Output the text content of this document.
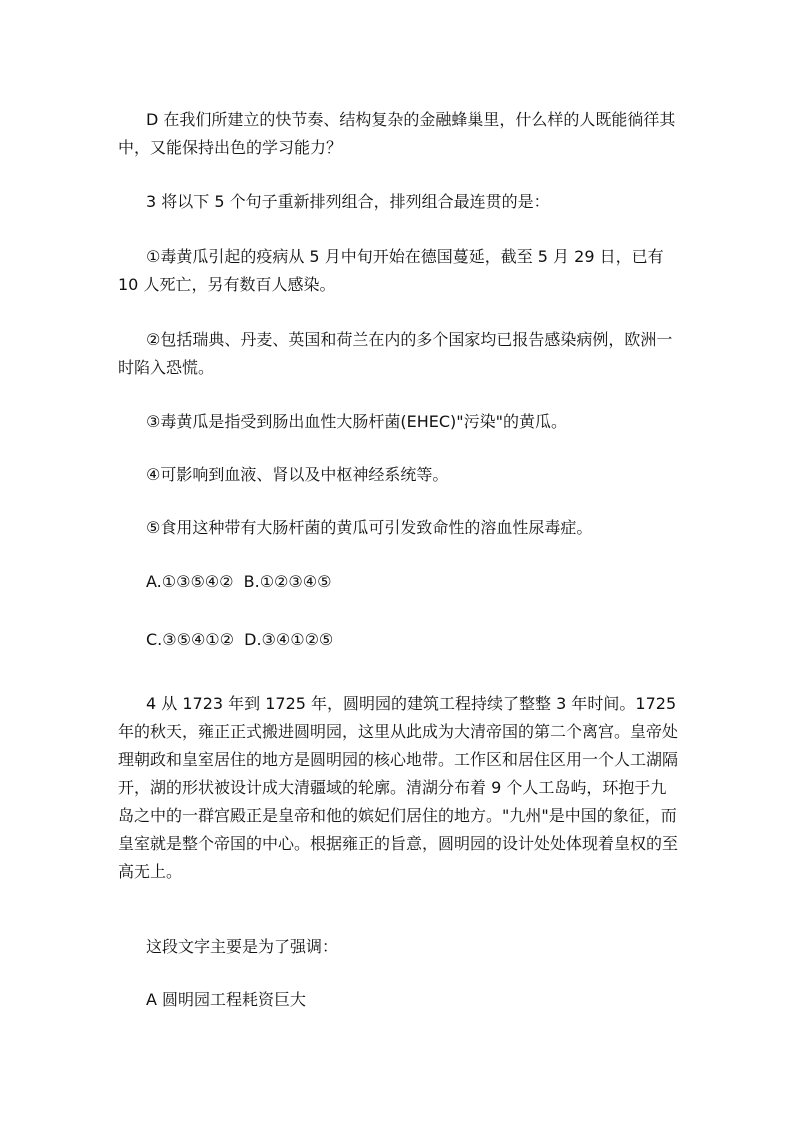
D 在我们所建立的快节奏、结构复杂的金融蜂巢里，什么样的人既能徜徉其中，又能保持出色的学习能力？

3 将以下 5 个句子重新排列组合，排列组合最连贯的是：

①毒黄瓜引起的疫病从 5 月中旬开始在德国蔓延，截至 5 月 29 日，已有 10 人死亡，另有数百人感染。

②包括瑞典、丹麦、英国和荷兰在内的多个国家均已报告感染病例，欧洲一时陷入恐慌。

③毒黄瓜是指受到肠出血性大肠杆菌(EHEC)"污染"的黄瓜。

④可影响到血液、肾以及中枢神经系统等。

⑤食用这种带有大肠杆菌的黄瓜可引发致命性的溶血性尿毒症。

A.①③⑤④②  B.①②③④⑤

C.③⑤④①②  D.③④①②⑤

4 从 1723 年到 1725 年，圆明园的建筑工程持续了整整 3 年时间。1725 年的秋天，雍正正式搬进圆明园，这里从此成为大清帝国的第二个离宫。皇帝处理朝政和皇室居住的地方是圆明园的核心地带。工作区和居住区用一个人工湖隔开，湖的形状被设计成大清疆域的轮廓。清湖分布着 9 个人工岛屿，环抱于九岛之中的一群宫殿正是皇帝和他的嫔妃们居住的地方。"九州"是中国的象征，而皇室就是整个帝国的中心。根据雍正的旨意，圆明园的设计处处体现着皇权的至高无上。

这段文字主要是为了强调：

A 圆明园工程耗资巨大
